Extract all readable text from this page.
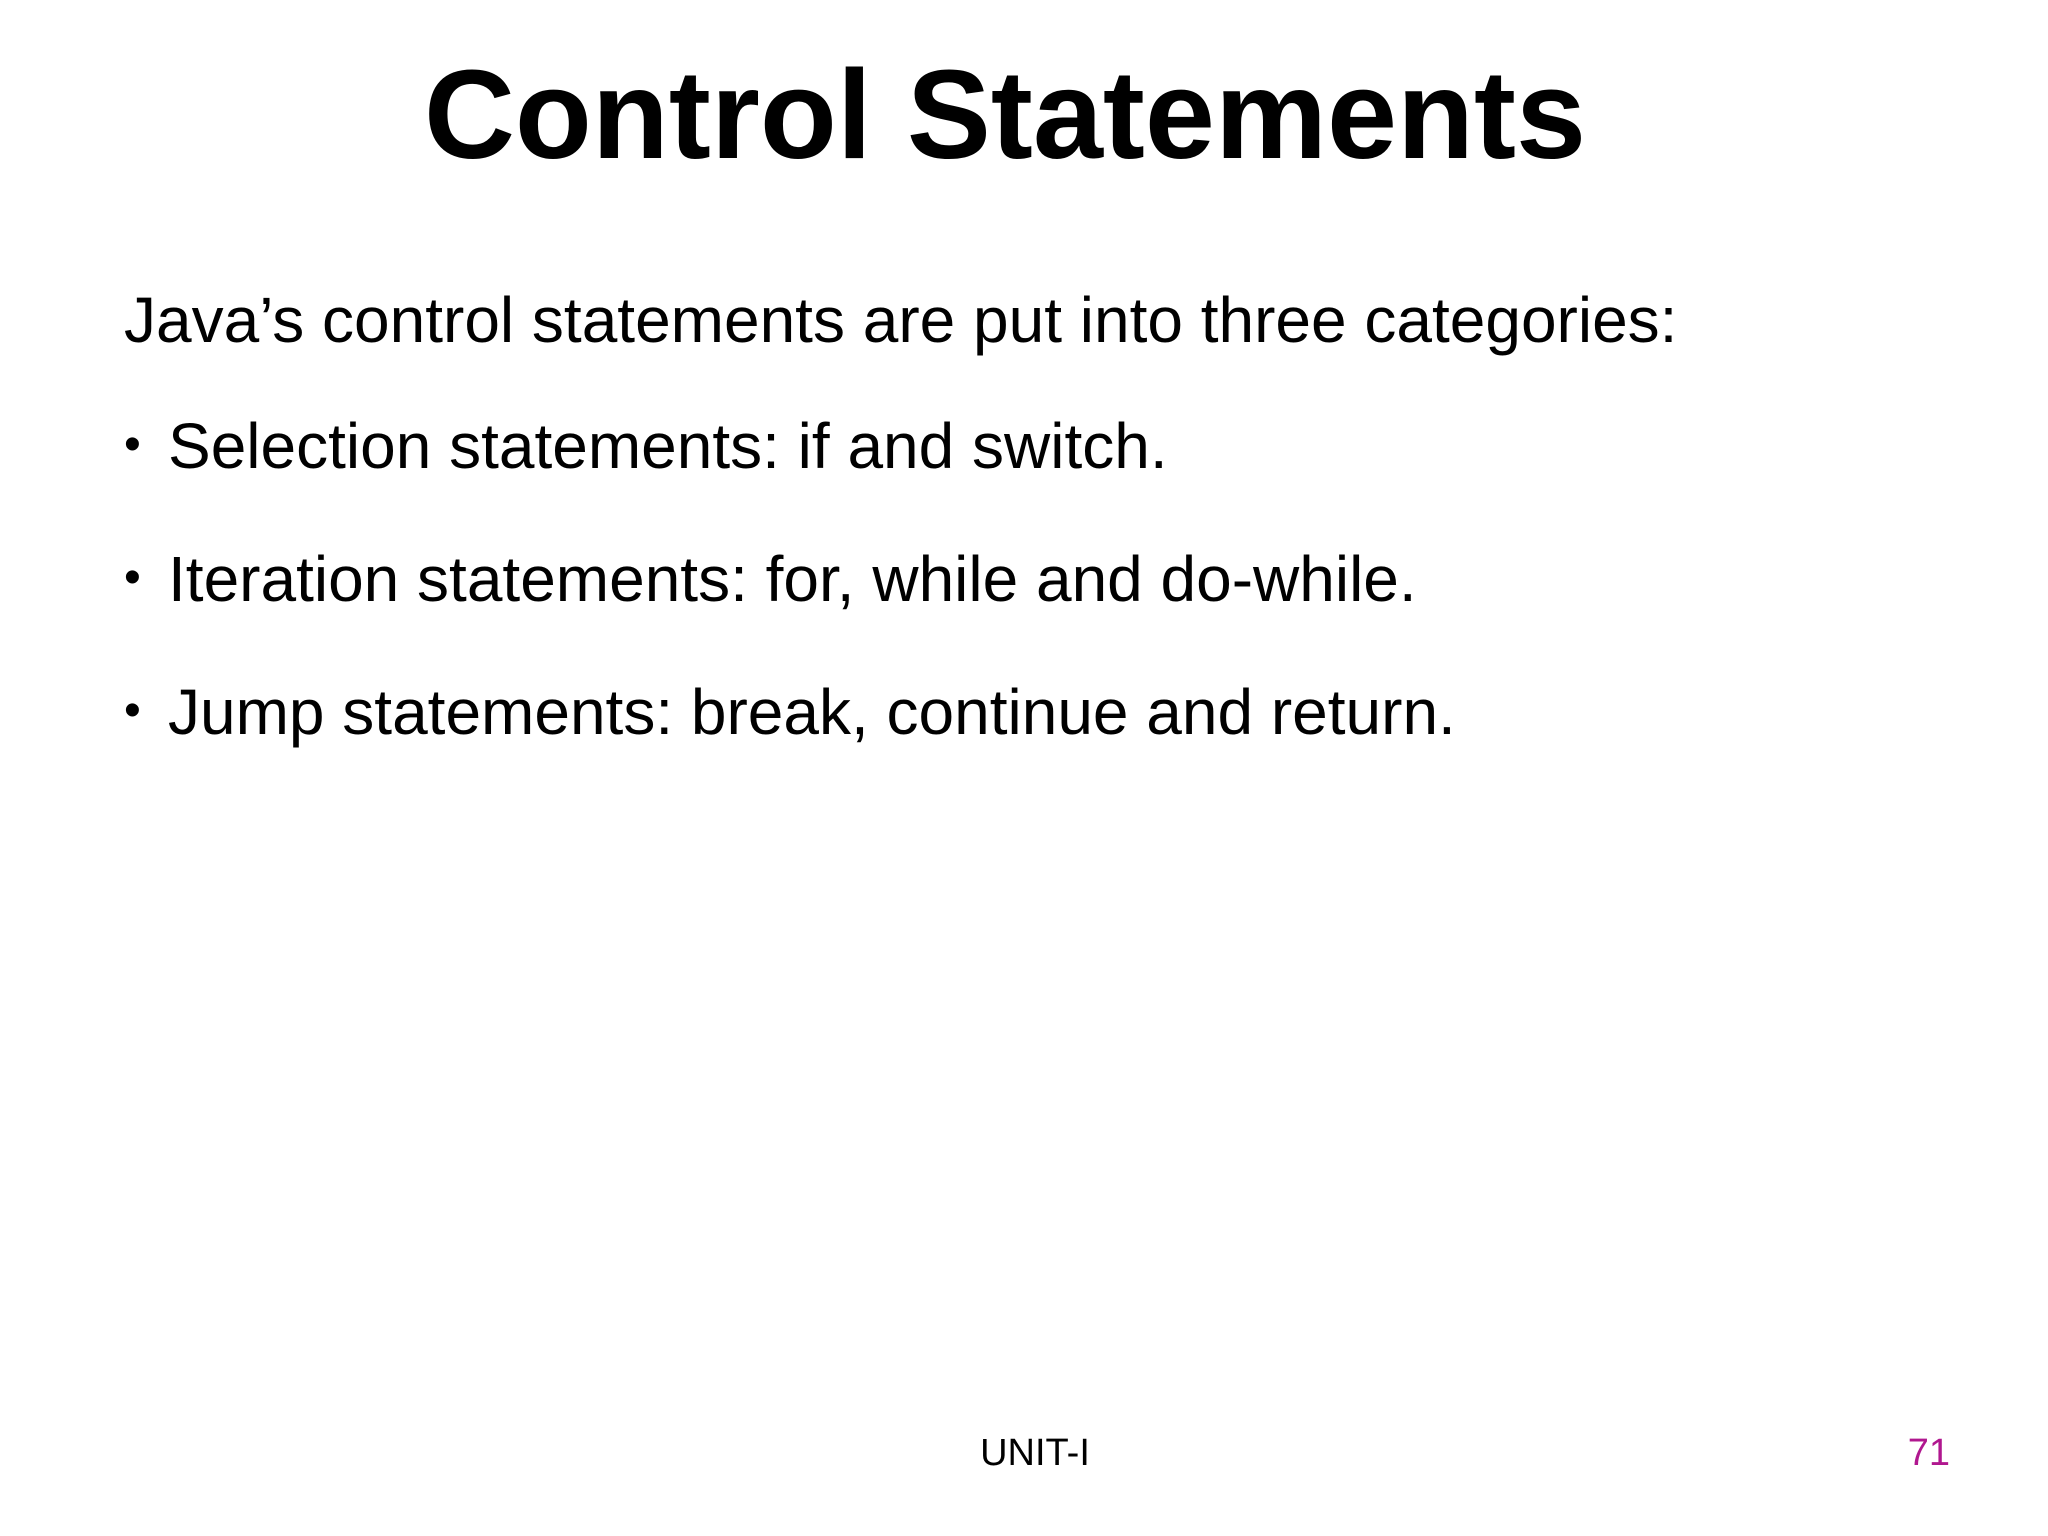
Control Statements

Java’s control statements are put into three categories:

• Selection statements: if and switch.
• Iteration statements: for, while and do-while.
• Jump statements: break, continue and return.
UNIT-I	71
